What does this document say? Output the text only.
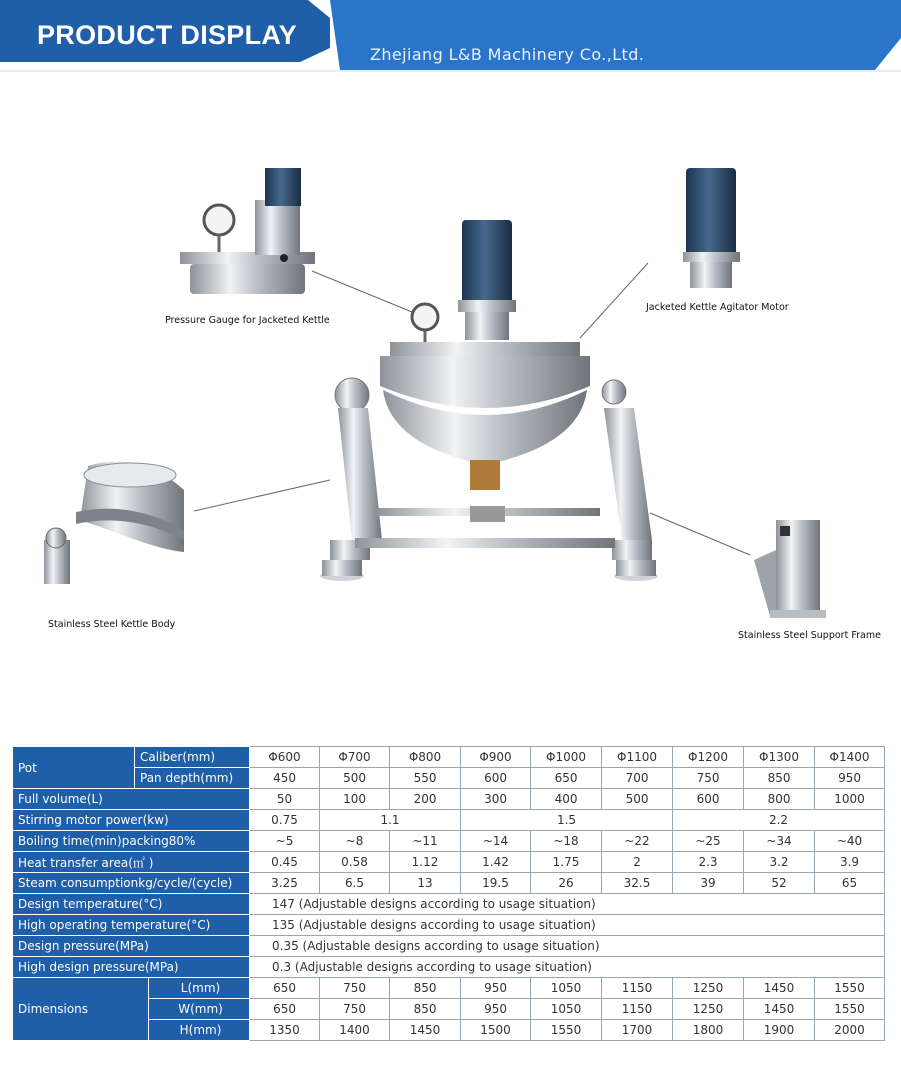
PRODUCT DISPLAY
Zhejiang L&B Machinery Co.,Ltd.
Pressure Gauge for Jacketed Kettle
Jacketed Kettle Agitator Motor
Stainless Steel Kettle Body
Stainless Steel Support Frame
Pot	Caliber(mm)		Φ600	Φ700	Φ800	Φ900	Φ1000	Φ1100	Φ1200	Φ1300	Φ1400
	Pan depth(mm)		450	500	550	600	650	700	750	850	950
Full volume(L)			50	100	200	300	400	500	600	800	1000
Stirring motor power(kw)			0.75	1.1		1.5			2.2		
Boiling time(min)packing80%			~5	~8	~11	~14	~18	~22	~25	~34	~40
Heat transfer area(㎡ )			0.45	0.58	1.12	1.42	1.75	2	2.3	3.2	3.9
Steam consumptionkg/cycle/(cycle)			3.25	6.5	13	19.5	26	32.5	39	52	65
Design temperature(°C)			147 (Adjustable designs according to usage situation)								
High operating temperature(°C)			135 (Adjustable designs according to usage situation)								
Design pressure(MPa)			0.35 (Adjustable designs according to usage situation)								
High design pressure(MPa)			0.3 (Adjustable designs according to usage situation)								
Dimensions		L(mm)	650	750	850	950	1050	1150	1250	1450	1550
		W(mm)	650	750	850	950	1050	1150	1250	1450	1550
		H(mm)	1350	1400	1450	1500	1550	1700	1800	1900	2000
